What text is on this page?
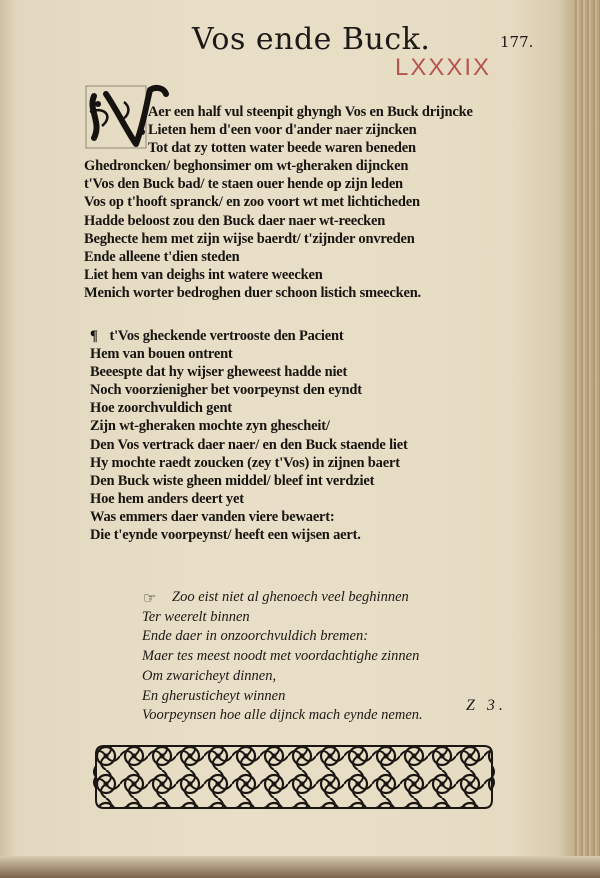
Vos ende Buck.	177.
LXXXIX
Aer een half vul steenpit ghyngh Vos en Buck drijncke
Lieten hem d'een voor d'ander naer zijncken
Tot dat zy totten water beede waren beneden
Ghedroncken/ beghonsimer om wt-gheraken dijncken
t'Vos den Buck bad/ te staen ouer hende op zijn leden
Vos op t'hooft spranck/ en zoo voort wt met lichticheden
Hadde beloost zou den Buck daer naer wt-reecken
Beghecte hem met zijn wijse baerdt/ t'zijnder onvreden
Ende alleene t'dien steden
Liet hem van deighs int watere weecken
Menich worter bedroghen duer schoon listich smeecken.
¶ t'Vos gheckende vertrooste den Pacient
Hem van bouen ontrent
Beeespte dat hy wijser gheweest hadde niet
Noch voorzienigher bet voorpeynst den eyndt
Hoe zoorchvuldich gent
Zijn wt-gheraken mochte zyn ghescheit/
Den Vos vertrack daer naer/ en den Buck staende liet
Hy mochte raedt zoucken (zey t'Vos) in zijnen baert
Den Buck wiste gheen middel/ bleef int verdziet
Hoe hem anders deert yet
Was emmers daer vanden viere bewaert:
Die t'eynde voorpeynst/ heeft een wijsen aert.
☞	Zoo eist niet al ghenoech veel beghinnen
Ter weerelt binnen
Ende daer in onzoorchvuldich bremen:
Maer tes meest noodt met voordachtighe zinnen
Om zwaricheyt dinnen,
En gherusticheyt winnen
Voorpeynsen hoe alle dijnck mach eynde nemen.
Z 3.
